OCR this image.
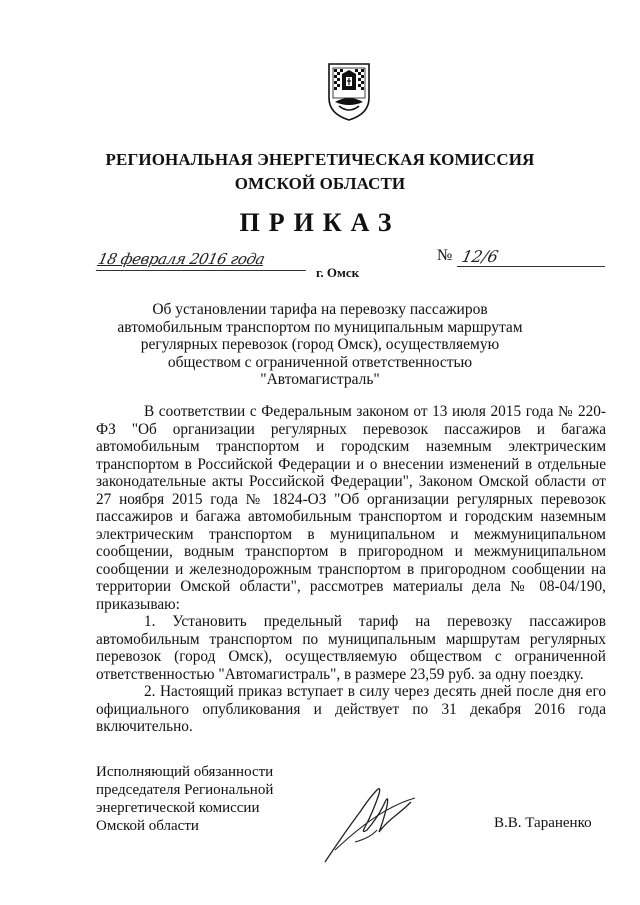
РЕГИОНАЛЬНАЯ ЭНЕРГЕТИЧЕСКАЯ КОМИССИЯ
ОМСКОЙ ОБЛАСТИ
ПРИКАЗ
18 февраля 2016 года	№ 12/6
г. Омск
Об установлении тарифа на перевозку пассажиров автомобильным транспортом по муниципальным маршрутам регулярных перевозок (город Омск), осуществляемую обществом с ограниченной ответственностью "Автомагистраль"

В соответствии с Федеральным законом от 13 июля 2015 года № 220-ФЗ "Об организации регулярных перевозок пассажиров и багажа автомобильным транспортом и городским наземным электрическим транспортом в Российской Федерации и о внесении изменений в отдельные законодательные акты Российской Федерации", Законом Омской области от 27 ноября 2015 года № 1824-ОЗ "Об организации регулярных перевозок пассажиров и багажа автомобильным транспортом и городским наземным электрическим транспортом в муниципальном и межмуниципальном сообщении, водным транспортом в пригородном и межмуниципальном сообщении и железнодорожным транспортом в пригородном сообщении на территории Омской области", рассмотрев материалы дела № 08-04/190, приказываю:

1. Установить предельный тариф на перевозку пассажиров автомобильным транспортом по муниципальным маршрутам регулярных перевозок (город Омск), осуществляемую обществом с ограниченной ответственностью "Автомагистраль", в размере 23,59 руб. за одну поездку.

2. Настоящий приказ вступает в силу через десять дней после дня его официального опубликования и действует по 31 декабря 2016 года включительно.

Исполняющий обязанности
председателя Региональной
энергетической комиссии
Омской области	В.В. Тараненко
